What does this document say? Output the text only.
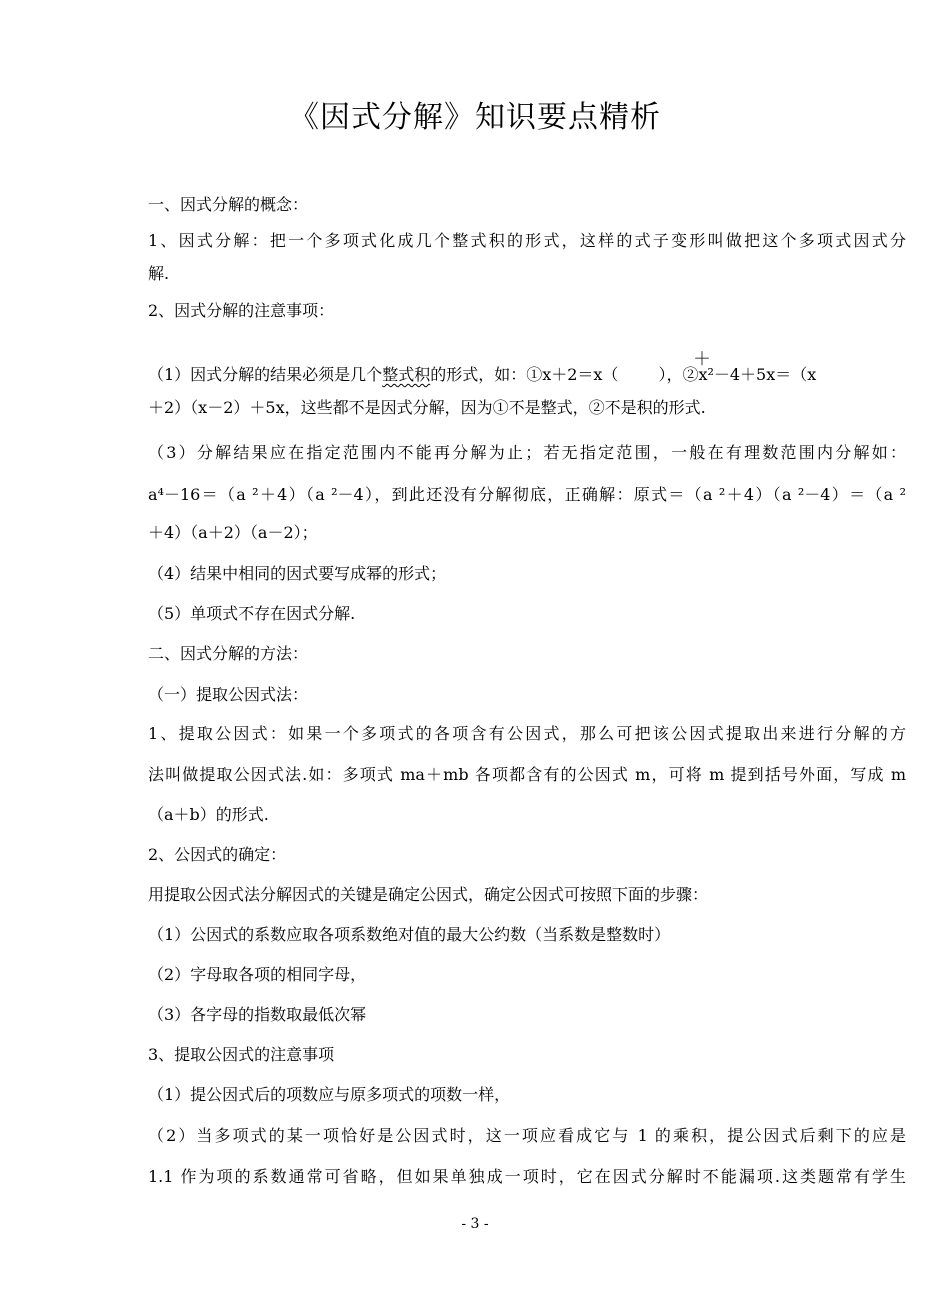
《因式分解》知识要点精析

一、因式分解的概念：

1、因式分解：把一个多项式化成几个整式积的形式，这样的式子变形叫做把这个多项式因式分

解.

2、因式分解的注意事项：

＋

（1）因式分解的结果必须是几个整式积的形式，如：①x＋2＝x（	），②x²－4＋5x＝（x

＋2）（x－2）＋5x，这些都不是因式分解，因为①不是整式，②不是积的形式.

（3）分解结果应在指定范围内不能再分解为止；若无指定范围，一般在有理数范围内分解如：

a⁴－16＝（a ²＋4）（a ²－4），到此还没有分解彻底，正确解：原式＝（a ²＋4）（a ²－4）＝（a ²

＋4）（a＋2）（a－2）；

（4）结果中相同的因式要写成幂的形式；

（5）单项式不存在因式分解.

二、因式分解的方法：

（一）提取公因式法：

1、提取公因式：如果一个多项式的各项含有公因式，那么可把该公因式提取出来进行分解的方

法叫做提取公因式法.如：多项式 ma＋mb 各项都含有的公因式 m，可将 m 提到括号外面，写成 m

（a＋b）的形式.

2、公因式的确定：

用提取公因式法分解因式的关键是确定公因式，确定公因式可按照下面的步骤：

（1）公因式的系数应取各项系数绝对值的最大公约数（当系数是整数时）

（2）字母取各项的相同字母，

（3）各字母的指数取最低次幂

3、提取公因式的注意事项

（1）提公因式后的项数应与原多项式的项数一样，

（2）当多项式的某一项恰好是公因式时，这一项应看成它与 1 的乘积，提公因式后剩下的应是

1.1 作为项的系数通常可省略，但如果单独成一项时，它在因式分解时不能漏项.这类题常有学生

- 3 -
